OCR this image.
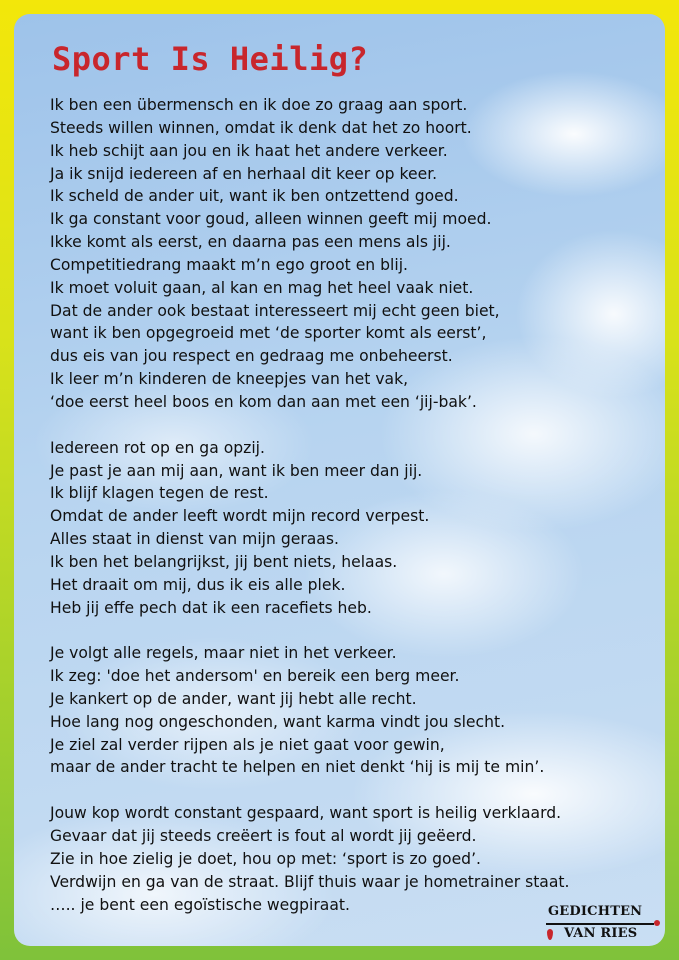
Sport Is Heilig?

Ik ben een übermensch en ik doe zo graag aan sport.
Steeds willen winnen, omdat ik denk dat het zo hoort.
Ik heb schijt aan jou en ik haat het andere verkeer.
Ja ik snijd iedereen af en herhaal dit keer op keer.
Ik scheld de ander uit, want ik ben ontzettend goed.
Ik ga constant voor goud, alleen winnen geeft mij moed.
Ikke komt als eerst, en daarna pas een mens als jij.
Competitiedrang maakt m’n ego groot en blij.
Ik moet voluit gaan, al kan en mag het heel vaak niet.
Dat de ander ook bestaat interesseert mij echt geen biet,
want ik ben opgegroeid met ‘de sporter komt als eerst’,
dus eis van jou respect en gedraag me onbeheerst.
Ik leer m’n kinderen de kneepjes van het vak,
‘doe eerst heel boos en kom dan aan met een ‘jij-bak’.

Iedereen rot op en ga opzij.
Je past je aan mij aan, want ik ben meer dan jij.
Ik blijf klagen tegen de rest.
Omdat de ander leeft wordt mijn record verpest.
Alles staat in dienst van mijn geraas.
Ik ben het belangrijkst, jij bent niets, helaas.
Het draait om mij, dus ik eis alle plek.
Heb jij effe pech dat ik een racefiets heb.

Je volgt alle regels, maar niet in het verkeer.
Ik zeg: 'doe het andersom' en bereik een berg meer.
Je kankert op de ander, want jij hebt alle recht.
Hoe lang nog ongeschonden, want karma vindt jou slecht.
Je ziel zal verder rijpen als je niet gaat voor gewin,
maar de ander tracht te helpen en niet denkt ‘hij is mij te min’.

Jouw kop wordt constant gespaard, want sport is heilig verklaard.
Gevaar dat jij steeds creëert is fout al wordt jij geëerd.
Zie in hoe zielig je doet, hou op met: ‘sport is zo goed’.
Verdwijn en ga van de straat. Blijf thuis waar je hometrainer staat.
….. je bent een egoïstische wegpiraat.	GEDICHTEN
VAN RIES
